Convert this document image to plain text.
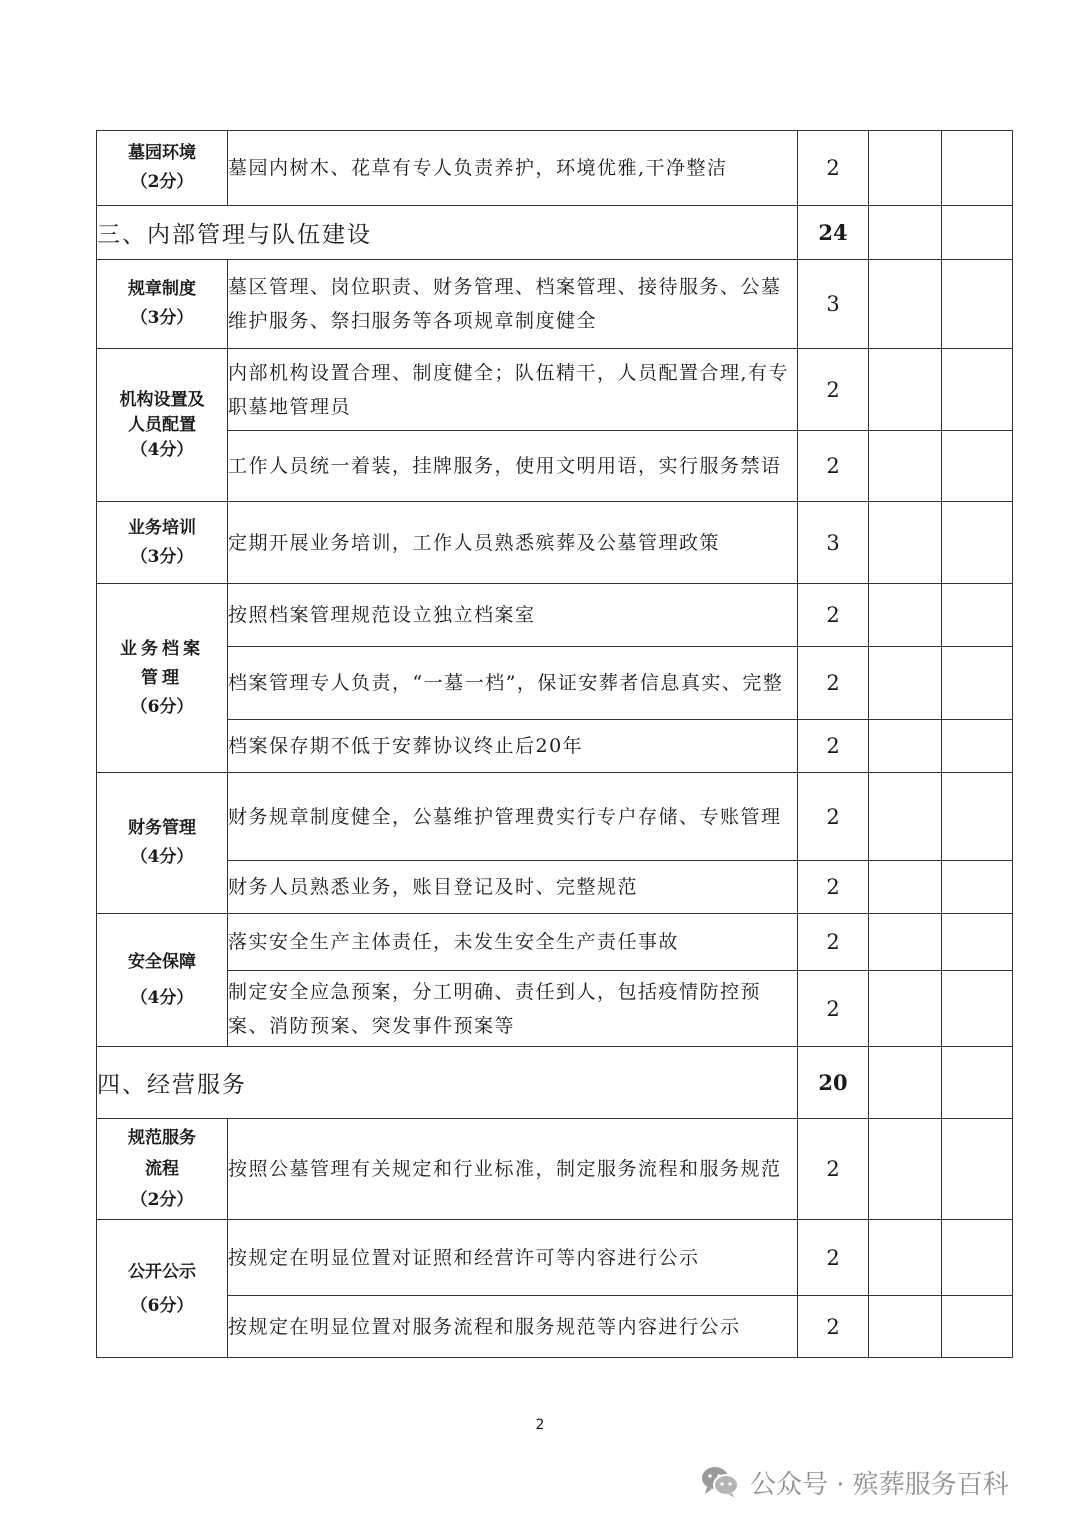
墓园环境
（2分）	墓园内树木、花草有专人负责养护，环境优雅,干净整洁	2		
三、内部管理与队伍建设		24		

规章制度
（3分）	墓区管理、岗位职责、财务管理、档案管理、接待服务、公墓维护服务、祭扫服务等各项规章制度健全	3		

机构设置及
人员配置
（4分）	内部机构设置合理、制度健全；队伍精干，人员配置合理,有专职墓地管理员	2		
	工作人员统一着装，挂牌服务，使用文明用语，实行服务禁语	2		

业务培训
（3分）	定期开展业务培训，工作人员熟悉殡葬及公墓管理政策	3		

业务档案
管理
（6分）	按照档案管理规范设立独立档案室	2		
	档案管理专人负责，“一墓一档”，保证安葬者信息真实、完整	2		
	档案保存期不低于安葬协议终止后20年	2		

财务管理
（4分）	财务规章制度健全，公墓维护管理费实行专户存储、专账管理	2		
	财务人员熟悉业务，账目登记及时、完整规范	2		

安全保障
（4分）	落实安全生产主体责任，未发生安全生产责任事故	2		
	制定安全应急预案，分工明确、责任到人，包括疫情防控预案、消防预案、突发事件预案等	2		
四、经营服务		20		

规范服务
流程
（2分）	按照公墓管理有关规定和行业标准，制定服务流程和服务规范	2		

公开公示
（6分）	按规定在明显位置对证照和经营许可等内容进行公示	2		
	按规定在明显位置对服务流程和服务规范等内容进行公示	2		
2
公众号 · 殡葬服务百科
